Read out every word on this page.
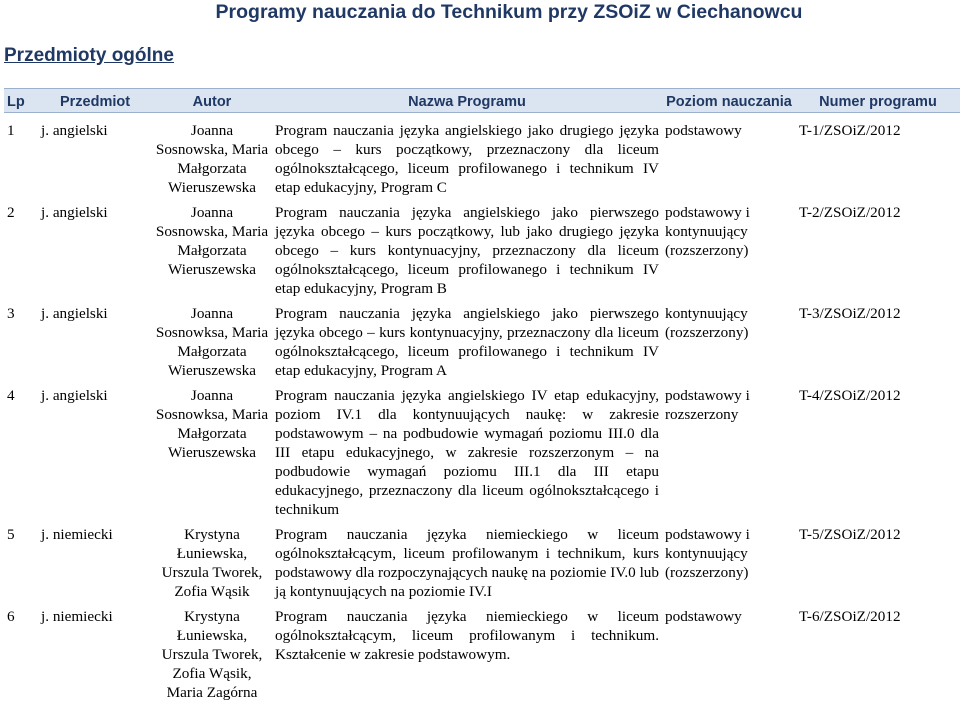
Programy nauczania do Technikum przy ZSOiZ w Ciechanowcu
Przedmioty ogólne
Lp	Przedmiot	Autor	Nazwa Programu	Poziom nauczania	Numer programu
1	j. angielski	Joanna Sosnowska, Maria Małgorzata Wieruszewska	Program nauczania języka angielskiego jako drugiego języka obcego – kurs początkowy, przeznaczony dla liceum ogólnokształcącego, liceum profilowanego i technikum IV etap edukacyjny, Program C	podstawowy	T-1/ZSOiZ/2012
2	j. angielski	Joanna Sosnowska, Maria Małgorzata Wieruszewska	Program nauczania języka angielskiego jako pierwszego języka obcego – kurs początkowy, lub jako drugiego języka obcego – kurs kontynuacyjny, przeznaczony dla liceum ogólnokształcącego, liceum profilowanego i technikum IV etap edukacyjny, Program B	podstawowy i kontynuujący (rozszerzony)	T-2/ZSOiZ/2012
3	j. angielski	Joanna Sosnowksa, Maria Małgorzata Wieruszewska	Program nauczania języka angielskiego jako pierwszego języka obcego – kurs kontynuacyjny, przeznaczony dla liceum ogólnokształcącego, liceum profilowanego i technikum IV etap edukacyjny, Program A	kontynuujący (rozszerzony)	T-3/ZSOiZ/2012
4	j. angielski	Joanna Sosnowksa, Maria Małgorzata Wieruszewska	Program nauczania języka angielskiego IV etap edukacyjny, poziom IV.1 dla kontynuujących naukę: w zakresie podstawowym – na podbudowie wymagań poziomu III.0 dla III etapu edukacyjnego, w zakresie rozszerzonym – na podbudowie wymagań poziomu III.1 dla III etapu edukacyjnego, przeznaczony dla liceum ogólnokształcącego i technikum	podstawowy i rozszerzony	T-4/ZSOiZ/2012
5	j. niemiecki	Krystyna Łuniewska, Urszula Tworek, Zofia Wąsik	Program nauczania języka niemieckiego w liceum ogólnokształcącym, liceum profilowanym i technikum, kurs podstawowy dla rozpoczynających naukę na poziomie IV.0 lub ją kontynuujących na poziomie IV.I	podstawowy i kontynuujący (rozszerzony)	T-5/ZSOiZ/2012
6	j. niemiecki	Krystyna Łuniewska, Urszula Tworek, Zofia Wąsik, Maria Zagórna	Program nauczania języka niemieckiego w liceum ogólnokształcącym, liceum profilowanym i technikum. Kształcenie w zakresie podstawowym.	podstawowy	T-6/ZSOiZ/2012
